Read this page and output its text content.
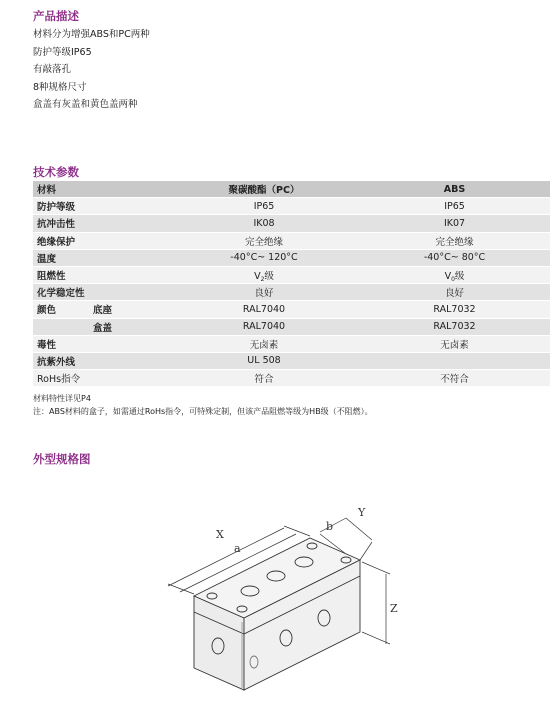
产品描述
材料分为增强ABS和PC两种
防护等级IP65
有敲落孔
8种规格尺寸
盒盖有灰盖和黄色盖两种
技术参数
材料	聚碳酸酯（PC）	ABS
防护等级	IP65	IP65
抗冲击性	IK08	IK07
绝缘保护	完全绝缘	完全绝缘
温度	-40°C~ 120°C	-40°C~ 80°C
阻燃性	$V_2$级	$V_0$级
化学稳定性	良好	良好

颜色 底座	RAL7040	RAL7032

盒盖	RAL7040	RAL7032
毒性	无卤素	无卤素
抗紫外线	UL 508	
RoHs指令	符合	不符合
材料特性详见P4
注：ABS材料的盒子，如需通过RoHs指令，可特殊定制，但该产品阻燃等级为HB级（不阻燃）。
外型规格图
X
a
b
Y
Z
